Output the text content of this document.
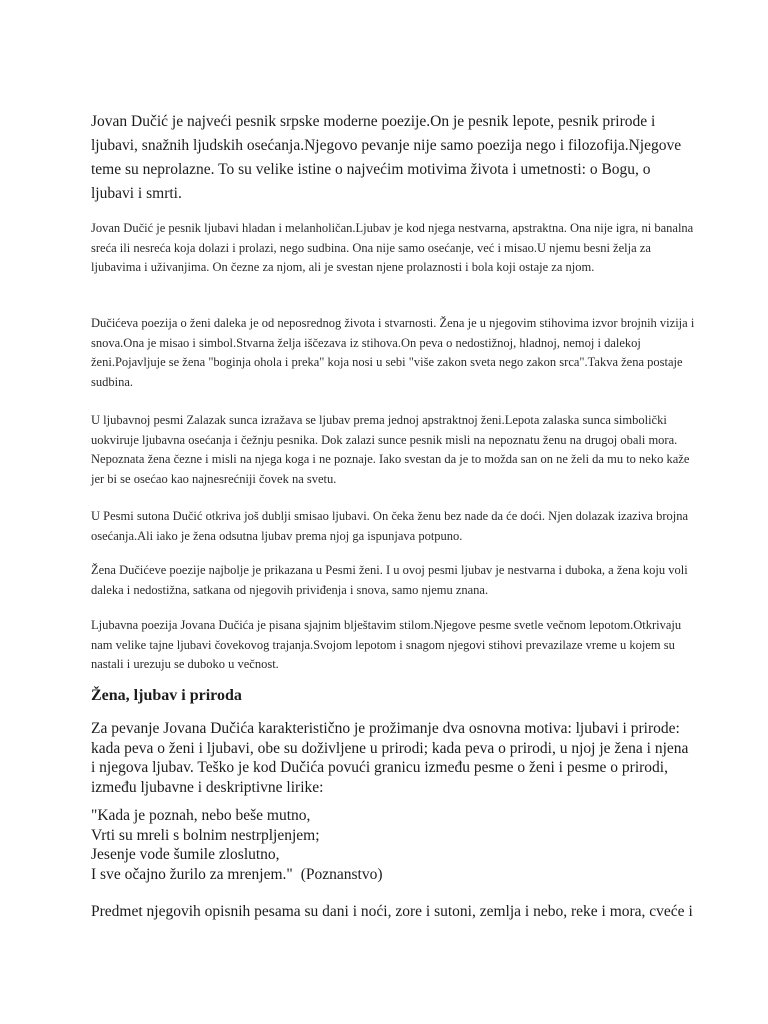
Jovan Dučić je najveći pesnik srpske moderne poezije.On je pesnik lepote, pesnik prirode i ljubavi, snažnih ljudskih osećanja.Njegovo pevanje nije samo poezija nego i filozofija.Njegove teme su neprolazne. To su velike istine o najvećim motivima života i umetnosti: o Bogu, o ljubavi i smrti.

Jovan Dučić je pesnik ljubavi hladan i melanholičan.Ljubav je kod njega nestvarna, apstraktna. Ona nije igra, ni banalna sreća ili nesreća koja dolazi i prolazi, nego sudbina. Ona nije samo osećanje, već i misao.U njemu besni želja za ljubavima i uživanjima. On čezne za njom, ali je svestan njene prolaznosti i bola koji ostaje za njom.

Dučićeva poezija o ženi daleka je od neposrednog života i stvarnosti. Žena je u njegovim stihovima izvor brojnih vizija i snova.Ona je misao i simbol.Stvarna želja iščezava iz stihova.On peva o nedostižnoj, hladnoj, nemoj i dalekoj ženi.Pojavljuje se žena "boginja ohola i preka" koja nosi u sebi "više zakon sveta nego zakon srca".Takva žena postaje sudbina.

U ljubavnoj pesmi Zalazak sunca izražava se ljubav prema jednoj apstraktnoj ženi.Lepota zalaska sunca simbolički uokviruje ljubavna osećanja i čežnju pesnika. Dok zalazi sunce pesnik misli na nepoznatu ženu na drugoj obali mora. Nepoznata žena čezne i misli na njega koga i ne poznaje. Iako svestan da je to možda san on ne želi da mu to neko kaže jer bi se osećao kao najnesrećniji čovek na svetu.

U Pesmi sutona Dučić otkriva još dublji smisao ljubavi. On čeka ženu bez nade da će doći. Njen dolazak izaziva brojna osećanja.Ali iako je žena odsutna ljubav prema njoj ga ispunjava potpuno.

Žena Dučićeve poezije najbolje je prikazana u Pesmi ženi. I u ovoj pesmi ljubav je nestvarna i duboka, a žena koju voli daleka i nedostižna, satkana od njegovih priviđenja i snova, samo njemu znana.

Ljubavna poezija Jovana Dučića je pisana sjajnim blještavim stilom.Njegove pesme svetle večnom lepotom.Otkrivaju nam velike tajne ljubavi čovekovog trajanja.Svojom lepotom i snagom njegovi stihovi prevazilaze vreme u kojem su nastali i urezuju se duboko u večnost.

Žena, ljubav i priroda

Za pevanje Jovana Dučića karakteristično je prožimanje dva osnovna motiva: ljubavi i prirode: kada peva o ženi i ljubavi, obe su doživljene u prirodi; kada peva o prirodi, u njoj je žena i njena i njegova ljubav. Teško je kod Dučića povući granicu između pesme o ženi i pesme o prirodi, između ljubavne i deskriptivne lirike:

"Kada je poznah, nebo beše mutno,
Vrti su mreli s bolnim nestrpljenjem;
Jesenje vode šumile zloslutno,
I sve očajno žurilo za mrenjem." (Poznanstvo)

Predmet njegovih opisnih pesama su dani i noći, zore i sutoni, zemlja i nebo, reke i mora, cveće i
